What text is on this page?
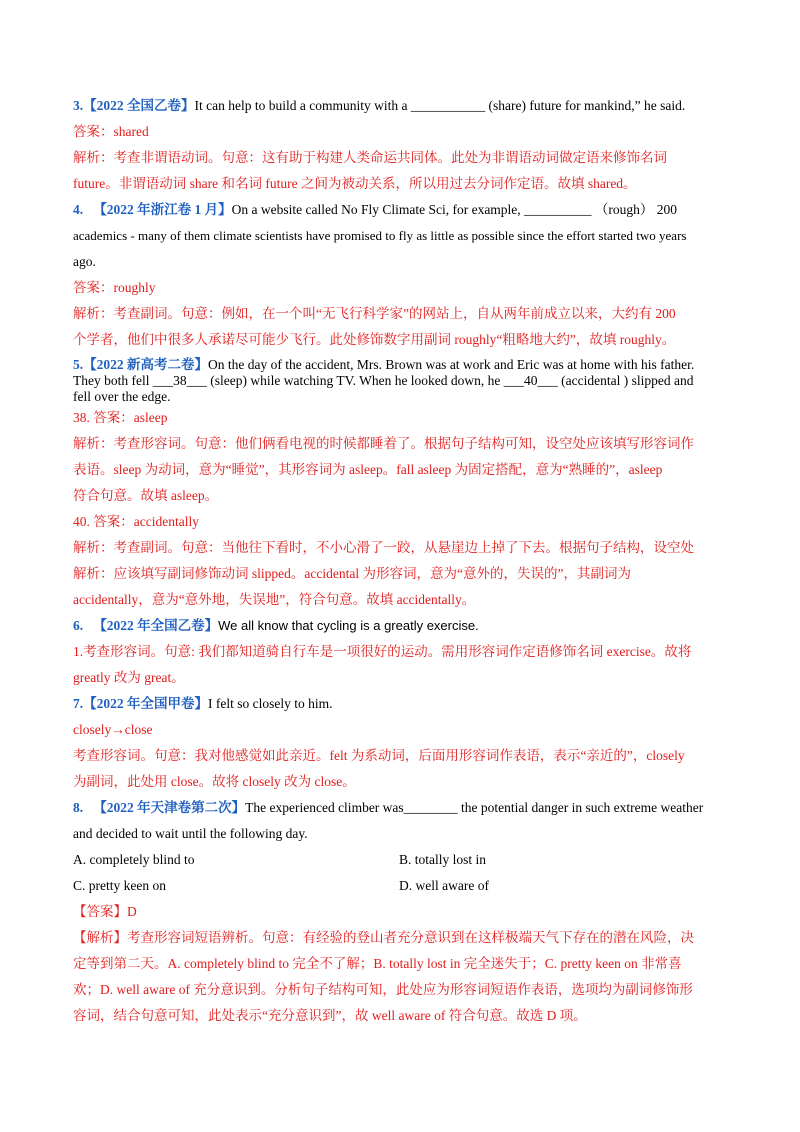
3.【2022 全国乙卷】It can help to build a community with a ___________ (share) future for mankind,” he said.
答案：shared
解析：考查非谓语动词。句意：这有助于构建人类命运共同体。此处为非谓语动词做定语来修饰名词
future。非谓语动词 share 和名词 future 之间为被动关系，所以用过去分词作定语。故填 shared。
4. 【2022 年浙江卷 1 月】On a website called No Fly Climate Sci, for example, __________ （rough） 200
academics - many of them climate scientists have promised to fly as little as possible since the effort started two years
ago.
答案：roughly
解析：考查副词。句意：例如，在一个叫“无飞行科学家”的网站上，自从两年前成立以来，大约有 200
个学者，他们中很多人承诺尽可能少飞行。此处修饰数字用副词 roughly“粗略地大约”，故填 roughly。
5.【2022 新高考二卷】On the day of the accident, Mrs. Brown was at work and Eric was at home with his father.
They both fell ___38___ (sleep) while watching TV. When he looked down, he ___40___ (accidental ) slipped and
fell over the edge.
38. 答案：asleep
解析：考查形容词。句意：他们俩看电视的时候都睡着了。根据句子结构可知，设空处应该填写形容词作
表语。sleep 为动词，意为“睡觉”，其形容词为 asleep。fall asleep 为固定搭配，意为“熟睡的”，asleep
符合句意。故填 asleep。
40. 答案：accidentally
解析：考查副词。句意：当他往下看时，不小心滑了一跤，从悬崖边上掉了下去。根据句子结构，设空处
解析：应该填写副词修饰动词 slipped。accidental 为形容词，意为“意外的，失误的”，其副词为
accidentally，意为“意外地，失误地”，符合句意。故填 accidentally。
6. 【2022 年全国乙卷】We all know that cycling is a greatly exercise.
1.考查形容词。句意: 我们都知道骑自行车是一项很好的运动。需用形容词作定语修饰名词 exercise。故将
greatly 改为 great。
7.【2022 年全国甲卷】I felt so closely to him.
closely→close
考查形容词。句意：我对他感觉如此亲近。felt 为系动词，后面用形容词作表语，表示“亲近的”，closely
为副词，此处用 close。故将 closely 改为 close。
8. 【2022 年天津卷第二次】The experienced climber was________ the potential danger in such extreme weather
and decided to wait until the following day.
A. completely blind to	B. totally lost in
C. pretty keen on	D. well aware of
【答案】D
【解析】考查形容词短语辨析。句意：有经验的登山者充分意识到在这样极端天气下存在的潜在风险，决
定等到第二天。A. completely blind to 完全不了解；B. totally lost in 完全迷失于；C. pretty keen on 非常喜
欢；D. well aware of 充分意识到。分析句子结构可知，此处应为形容词短语作表语，选项均为副词修饰形
容词，结合句意可知，此处表示“充分意识到”，故 well aware of 符合句意。故选 D 项。
